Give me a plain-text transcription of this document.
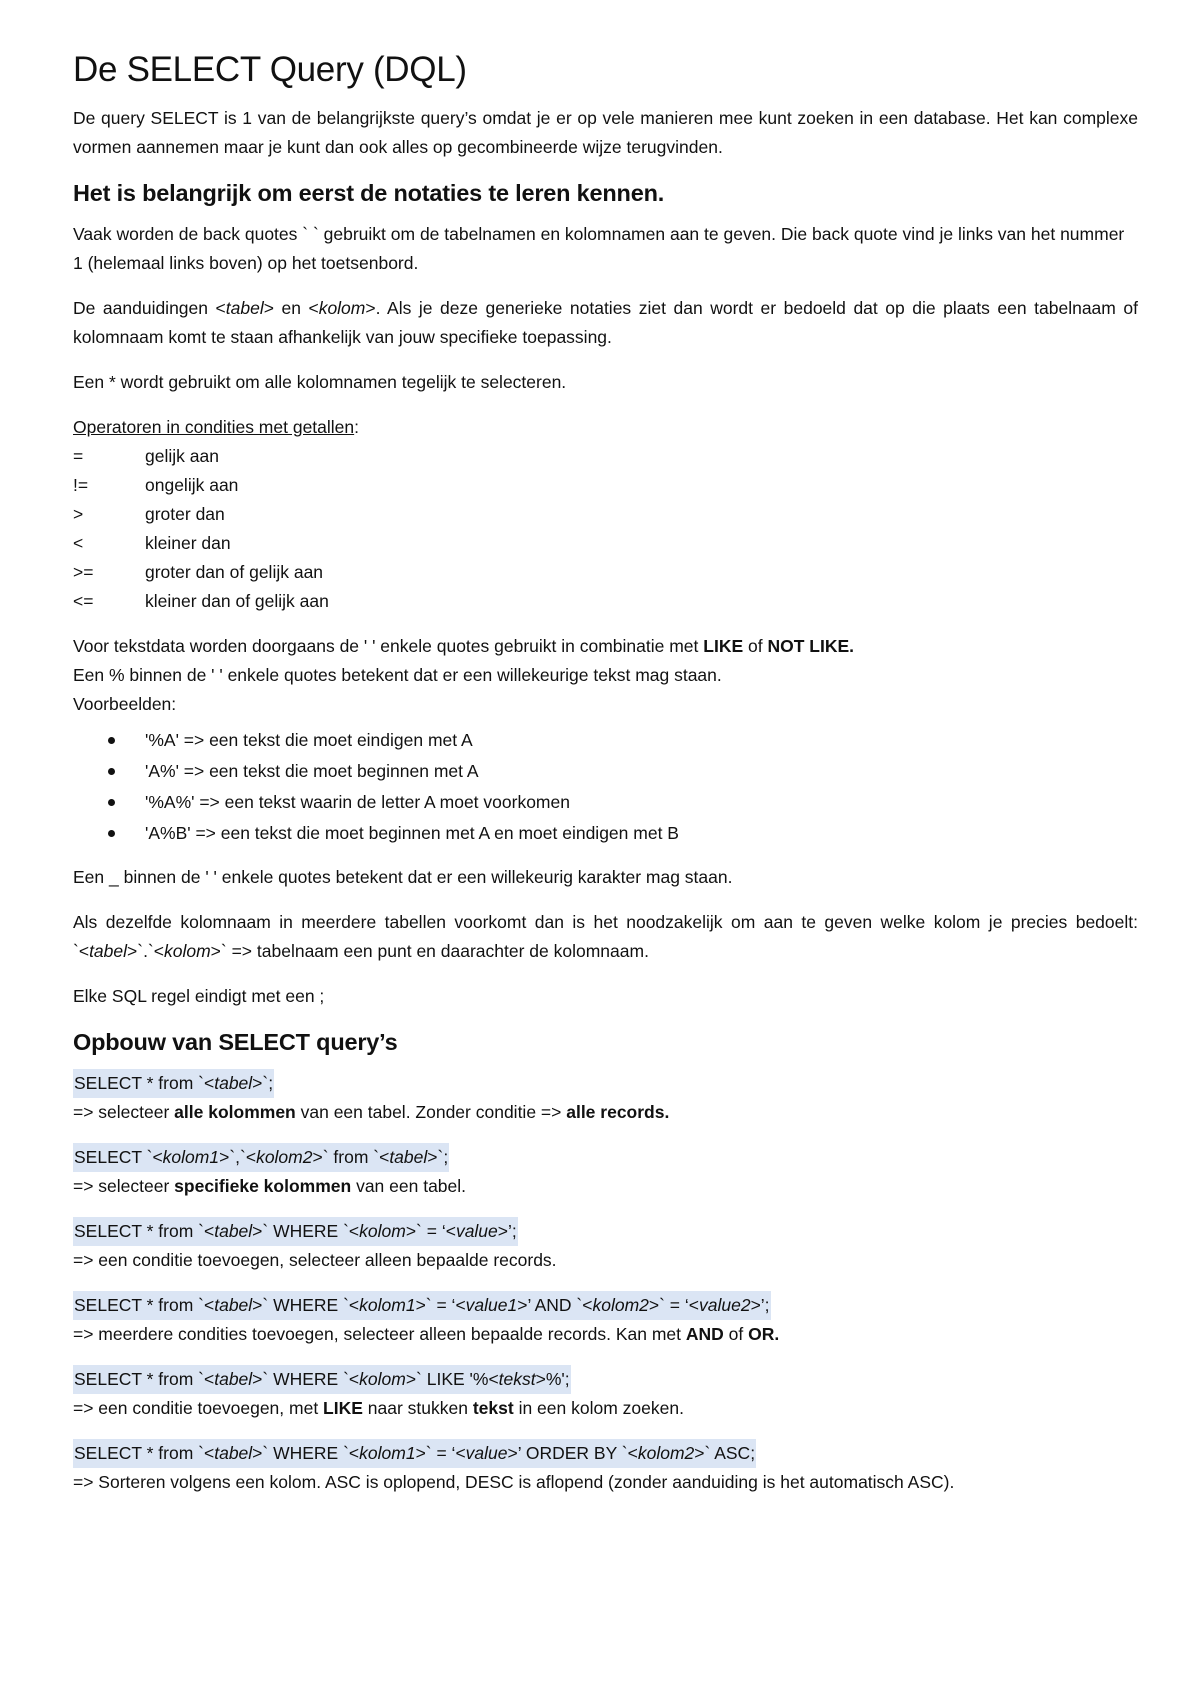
De SELECT Query (DQL)

De query SELECT is 1 van de belangrijkste query’s omdat je er op vele manieren mee kunt zoeken in een database. Het kan complexe vormen aannemen maar je kunt dan ook alles op gecombineerde wijze terugvinden.

Het is belangrijk om eerst de notaties te leren kennen.

Vaak worden de back quotes ` ` gebruikt om de tabelnamen en kolomnamen aan te geven. Die back quote vind je links van het nummer 1 (helemaal links boven) op het toetsenbord.

De aanduidingen <tabel> en <kolom>. Als je deze generieke notaties ziet dan wordt er bedoeld dat op die plaats een tabelnaam of kolomnaam komt te staan afhankelijk van jouw specifieke toepassing.

Een * wordt gebruikt om alle kolomnamen tegelijk te selecteren.

Operatoren in condities met getallen:
=	gelijk aan
!=	ongelijk aan
>	groter dan
<	kleiner dan
>=	groter dan of gelijk aan
<=	kleiner dan of gelijk aan
Voor tekstdata worden doorgaans de ' ' enkele quotes gebruikt in combinatie met LIKE of NOT LIKE.
Een % binnen de ' ' enkele quotes betekent dat er een willekeurige tekst mag staan.
Voorbeelden:
'%A' => een tekst die moet eindigen met A
'A%' => een tekst die moet beginnen met A
'%A%' => een tekst waarin de letter A moet voorkomen
'A%B' => een tekst die moet beginnen met A en moet eindigen met B

Een _ binnen de ' ' enkele quotes betekent dat er een willekeurig karakter mag staan.

Als dezelfde kolomnaam in meerdere tabellen voorkomt dan is het noodzakelijk om aan te geven welke kolom je precies bedoelt: `<tabel>`.`<kolom>` => tabelnaam een punt en daarachter de kolomnaam.

Elke SQL regel eindigt met een ;

Opbouw van SELECT query’s
SELECT * from `<tabel>`;
=> selecteer alle kolommen van een tabel. Zonder conditie => alle records.
SELECT `<kolom1>`,`<kolom2>` from `<tabel>`;
=> selecteer specifieke kolommen van een tabel.
SELECT * from `<tabel>` WHERE `<kolom>` = ‘<value>’;
=> een conditie toevoegen, selecteer alleen bepaalde records.
SELECT * from `<tabel>` WHERE `<kolom1>` = ‘<value1>’ AND `<kolom2>` = ‘<value2>’;
=> meerdere condities toevoegen, selecteer alleen bepaalde records. Kan met AND of OR.
SELECT * from `<tabel>` WHERE `<kolom>` LIKE '%<tekst>%';
=> een conditie toevoegen, met LIKE naar stukken tekst in een kolom zoeken.
SELECT * from `<tabel>` WHERE `<kolom1>` = ‘<value>’ ORDER BY `<kolom2>` ASC;
=> Sorteren volgens een kolom. ASC is oplopend, DESC is aflopend (zonder aanduiding is het automatisch ASC).
